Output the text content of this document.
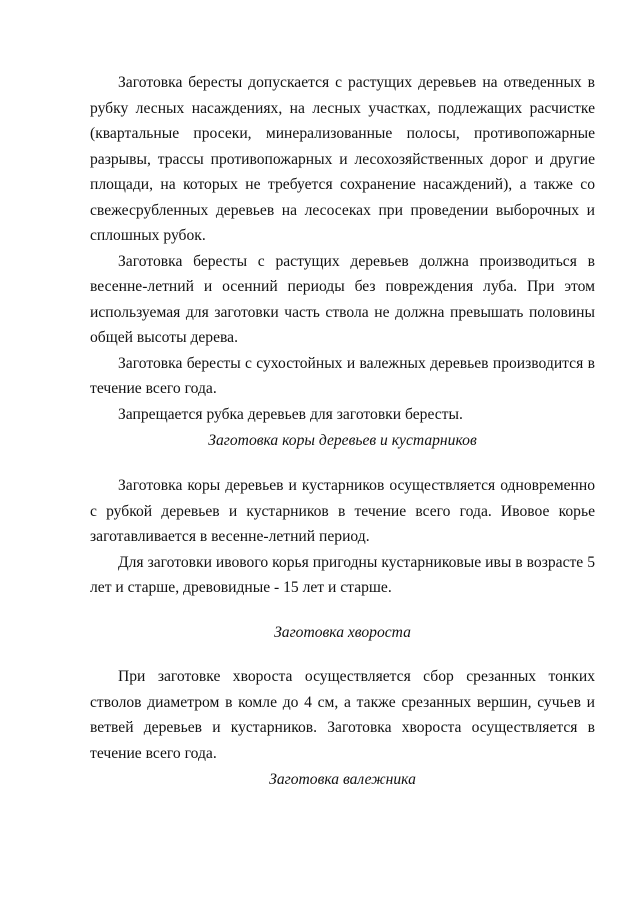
Заготовка бересты допускается с растущих деревьев на отведенных в рубку лесных насаждениях, на лесных участках, подлежащих расчистке (квартальные просеки, минерализованные полосы, противопожарные разрывы, трассы противопожарных и лесохозяйственных дорог и другие площади, на которых не требуется сохранение насаждений), а также со свежесрубленных деревьев на лесосеках при проведении выборочных и сплошных рубок.

Заготовка бересты с растущих деревьев должна производиться в весенне-летний и осенний периоды без повреждения луба. При этом используемая для заготовки часть ствола не должна превышать половины общей высоты дерева.

Заготовка бересты с сухостойных и валежных деревьев производится в течение всего года.

Запрещается рубка деревьев для заготовки бересты.

Заготовка коры деревьев и кустарников

Заготовка коры деревьев и кустарников осуществляется одновременно с рубкой деревьев и кустарников в течение всего года. Ивовое корье заготавливается в весенне-летний период.

Для заготовки ивового корья пригодны кустарниковые ивы в возрасте 5 лет и старше, древовидные - 15 лет и старше.

Заготовка хвороста

При заготовке хвороста осуществляется сбор срезанных тонких стволов диаметром в комле до 4 см, а также срезанных вершин, сучьев и ветвей деревьев и кустарников. Заготовка хвороста осуществляется в течение всего года.

Заготовка валежника
